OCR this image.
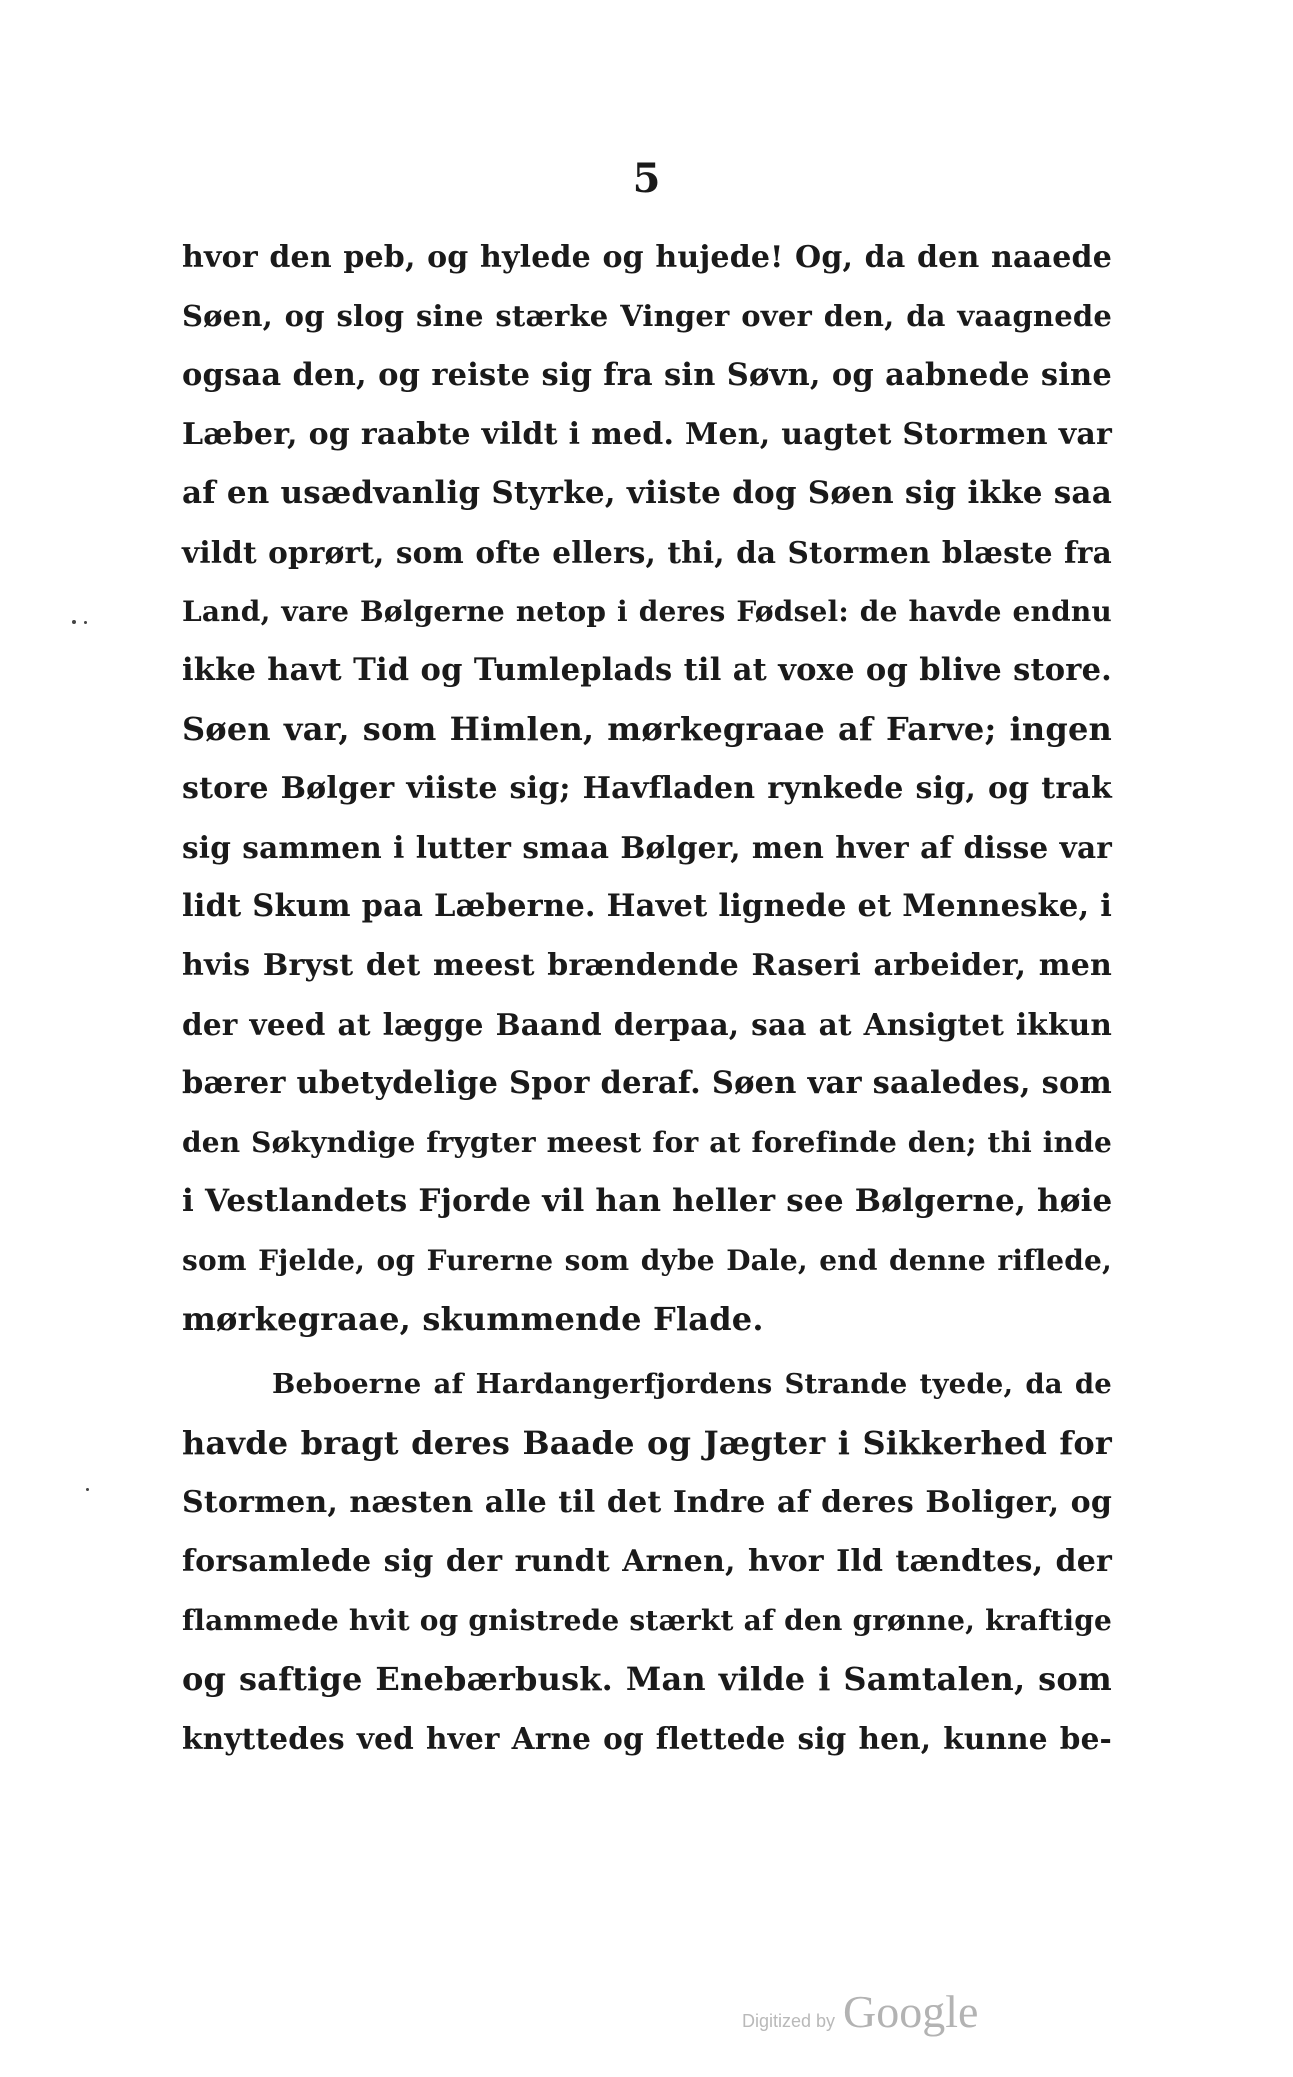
5
hvor den peb, og hylede og hujede! Og, da den naaede
Søen, og slog sine stærke Vinger over den, da vaagnede
ogsaa den, og reiste sig fra sin Søvn, og aabnede sine
Læber, og raabte vildt i med. Men, uagtet Stormen var
af en usædvanlig Styrke, viiste dog Søen sig ikke saa
vildt oprørt, som ofte ellers, thi, da Stormen blæste fra
Land, vare Bølgerne netop i deres Fødsel: de havde endnu
ikke havt Tid og Tumleplads til at voxe og blive store.
Søen var, som Himlen, mørkegraae af Farve; ingen
store Bølger viiste sig; Havfladen rynkede sig, og trak
sig sammen i lutter smaa Bølger, men hver af disse var
lidt Skum paa Læberne. Havet lignede et Menneske, i
hvis Bryst det meest brændende Raseri arbeider, men
der veed at lægge Baand derpaa, saa at Ansigtet ikkun
bærer ubetydelige Spor deraf. Søen var saaledes, som
den Søkyndige frygter meest for at forefinde den; thi inde
i Vestlandets Fjorde vil han heller see Bølgerne, høie
som Fjelde, og Furerne som dybe Dale, end denne riflede,
mørkegraae, skummende Flade.
Beboerne af Hardangerfjordens Strande tyede, da de
havde bragt deres Baade og Jægter i Sikkerhed for
Stormen, næsten alle til det Indre af deres Boliger, og
forsamlede sig der rundt Arnen, hvor Ild tændtes, der
flammede hvit og gnistrede stærkt af den grønne, kraftige
og saftige Enebærbusk. Man vilde i Samtalen, som
knyttedes ved hver Arne og flettede sig hen, kunne be-
Digitized by Google
